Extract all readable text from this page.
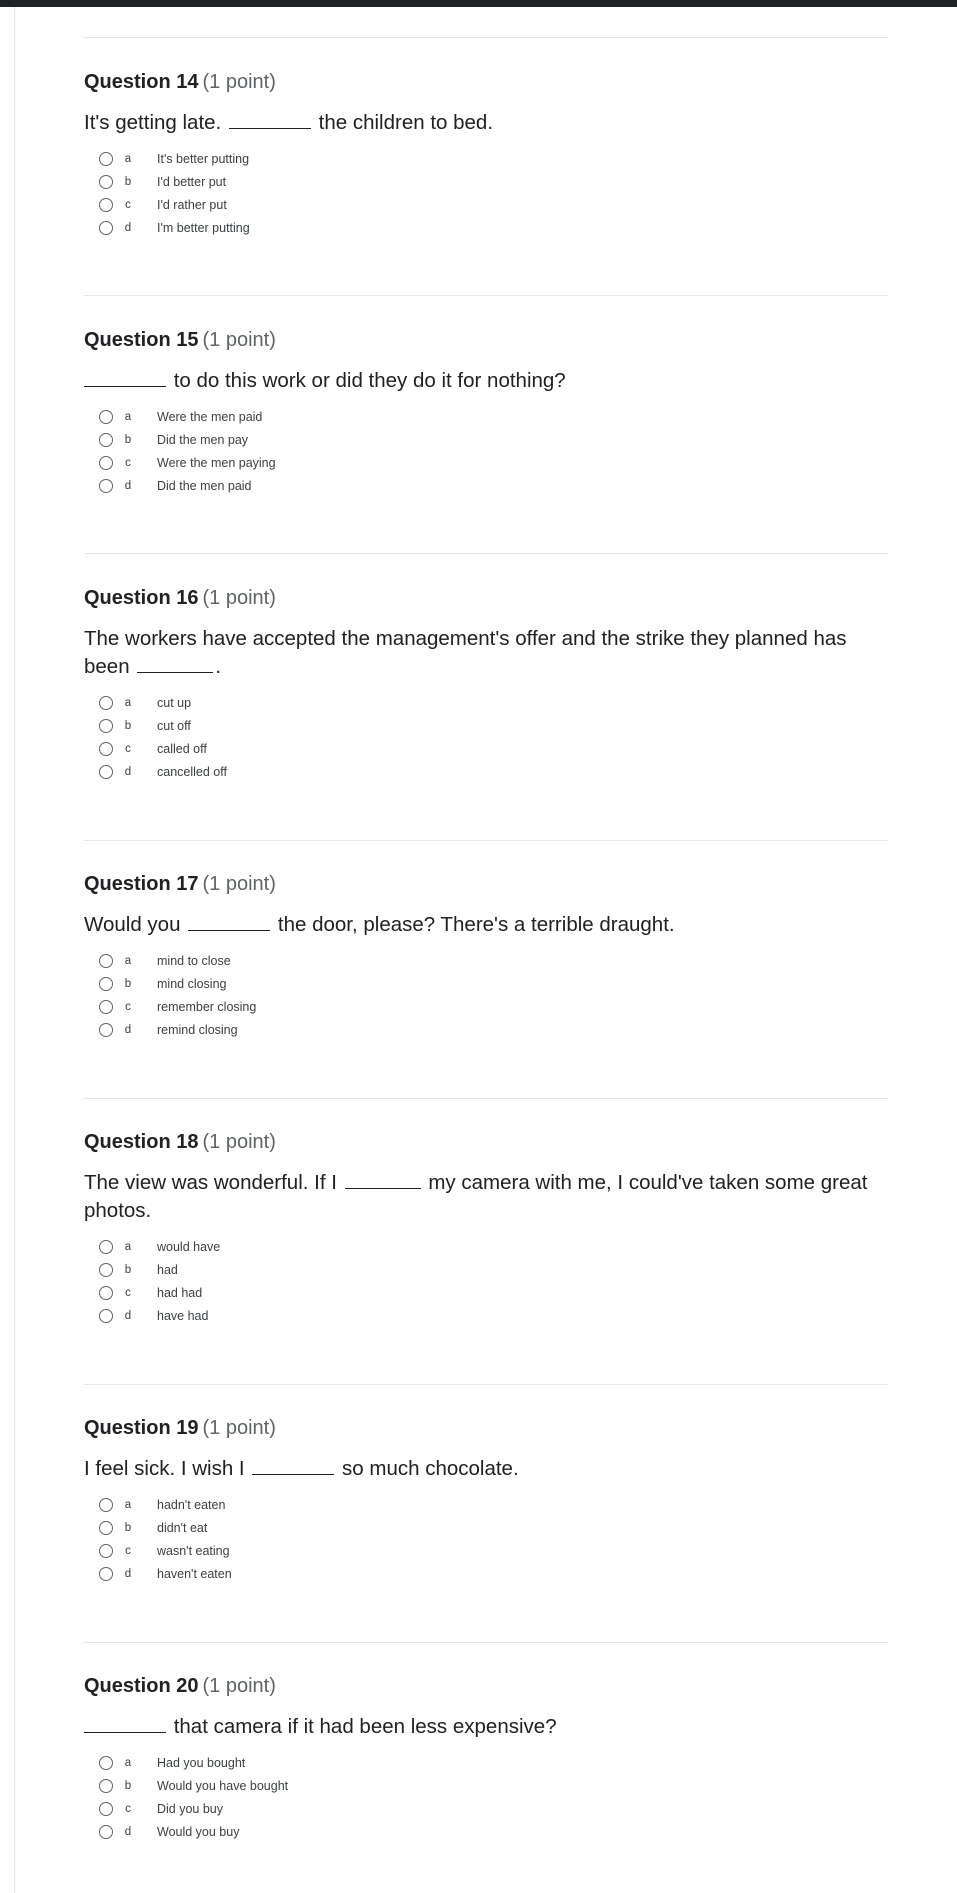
Question 14 (1 point)
It's getting late.	the children to bed.
a It's better putting
b I'd better put
c I'd rather put
d I'm better putting
Question 15 (1 point)
to do this work or did they do it for nothing?
a Were the men paid
b Did the men pay
c Were the men paying
d Did the men paid
Question 16 (1 point)
The workers have accepted the management's offer and the strike they planned has been	.
a cut up
b cut off
c called off
d cancelled off
Question 17 (1 point)
Would you	the door, please? There's a terrible draught.
a mind to close
b mind closing
c remember closing
d remind closing
Question 18 (1 point)
The view was wonderful. If I	my camera with me, I could've taken some great photos.
a would have
b had
c had had
d have had
Question 19 (1 point)
I feel sick. I wish I	so much chocolate.
a hadn't eaten
b didn't eat
c wasn't eating
d haven't eaten
Question 20 (1 point)
that camera if it had been less expensive?
a Had you bought
b Would you have bought
c Did you buy
d Would you buy
